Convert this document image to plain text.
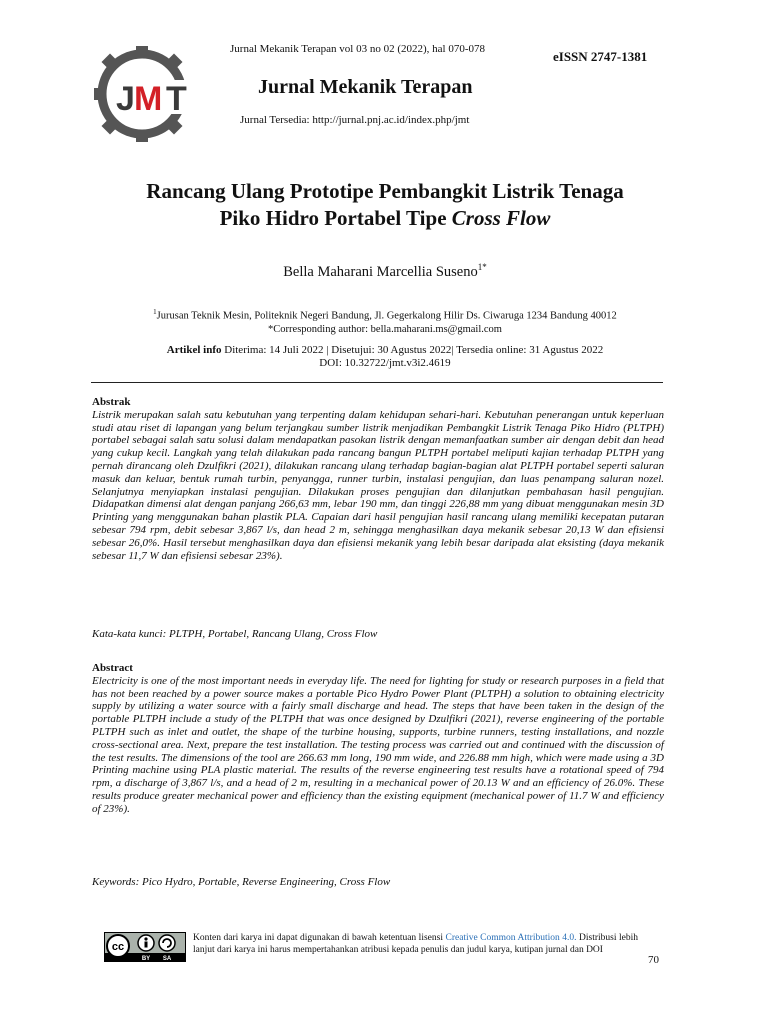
J M T
Jurnal Mekanik Terapan vol 03 no 02 (2022), hal 070-078	eISSN 2747-1381
Jurnal Mekanik Terapan
Jurnal Tersedia: http://jurnal.pnj.ac.id/index.php/jmt
Rancang Ulang Prototipe Pembangkit Listrik Tenaga
Piko Hidro Portabel Tipe Cross Flow
Bella Maharani Marcellia Suseno$^{1*}$
$^1$Jurusan Teknik Mesin, Politeknik Negeri Bandung, Jl. Gegerkalong Hilir Ds. Ciwaruga 1234 Bandung 40012
*Corresponding author: bella.maharani.ms@gmail.com
Artikel info Diterima: 14 Juli 2022 | Disetujui: 30 Agustus 2022| Tersedia online: 31 Agustus 2022
DOI: 10.32722/jmt.v3i2.4619
Abstrak
Listrik merupakan salah satu kebutuhan yang terpenting dalam kehidupan sehari-hari. Kebutuhan penerangan untuk keperluan studi atau riset di lapangan yang belum terjangkau sumber listrik menjadikan Pembangkit Listrik Tenaga Piko Hidro (PLTPH) portabel sebagai salah satu solusi dalam mendapatkan pasokan listrik dengan memanfaatkan sumber air dengan debit dan head yang cukup kecil. Langkah yang telah dilakukan pada rancang bangun PLTPH portabel meliputi kajian terhadap PLTPH yang pernah dirancang oleh Dzulfikri (2021), dilakukan rancang ulang terhadap bagian-bagian alat PLTPH portabel seperti saluran masuk dan keluar, bentuk rumah turbin, penyangga, runner turbin, instalasi pengujian, dan luas penampang saluran nozel. Selanjutnya menyiapkan instalasi pengujian. Dilakukan proses pengujian dan dilanjutkan pembahasan hasil pengujian. Didapatkan dimensi alat dengan panjang 266,63 mm, lebar 190 mm, dan tinggi 226,88 mm yang dibuat menggunakan mesin 3D Printing yang menggunakan bahan plastik PLA. Capaian dari hasil pengujian hasil rancang ulang memiliki kecepatan putaran sebesar 794 rpm, debit sebesar 3,867 l/s, dan head 2 m, sehingga menghasilkan daya mekanik sebesar 20,13 W dan efisiensi sebesar 26,0%. Hasil tersebut menghasilkan daya dan efisiensi mekanik yang lebih besar daripada alat eksisting (daya mekanik sebesar 11,7 W dan efisiensi sebesar 23%).
Kata-kata kunci: PLTPH, Portabel, Rancang Ulang, Cross Flow
Abstract
Electricity is one of the most important needs in everyday life. The need for lighting for study or research purposes in a field that has not been reached by a power source makes a portable Pico Hydro Power Plant (PLTPH) a solution to obtaining electricity supply by utilizing a water source with a fairly small discharge and head. The steps that have been taken in the design of the portable PLTPH include a study of the PLTPH that was once designed by Dzulfikri (2021), reverse engineering of the portable PLTPH such as inlet and outlet, the shape of the turbine housing, supports, turbine runners, testing installations, and nozzle cross-sectional area. Next, prepare the test installation. The testing process was carried out and continued with the discussion of the test results. The dimensions of the tool are 266.63 mm long, 190 mm wide, and 226.88 mm high, which were made using a 3D Printing machine using PLA plastic material. The results of the reverse engineering test results have a rotational speed of 794 rpm, a discharge of 3,867 l/s, and a head of 2 m, resulting in a mechanical power of 20.13 W and an efficiency of 26.0%. These results produce greater mechanical power and efficiency than the existing equipment (mechanical power of 11.7 W and efficiency of 23%).
Keywords: Pico Hydro, Portable, Reverse Engineering, Cross Flow
cc
BY SA
Konten dari karya ini dapat digunakan di bawah ketentuan lisensi Creative Common Attribution 4.0. Distribusi lebih lanjut dari karya ini harus mempertahankan atribusi kepada penulis dan judul karya, kutipan jurnal dan DOI
70
